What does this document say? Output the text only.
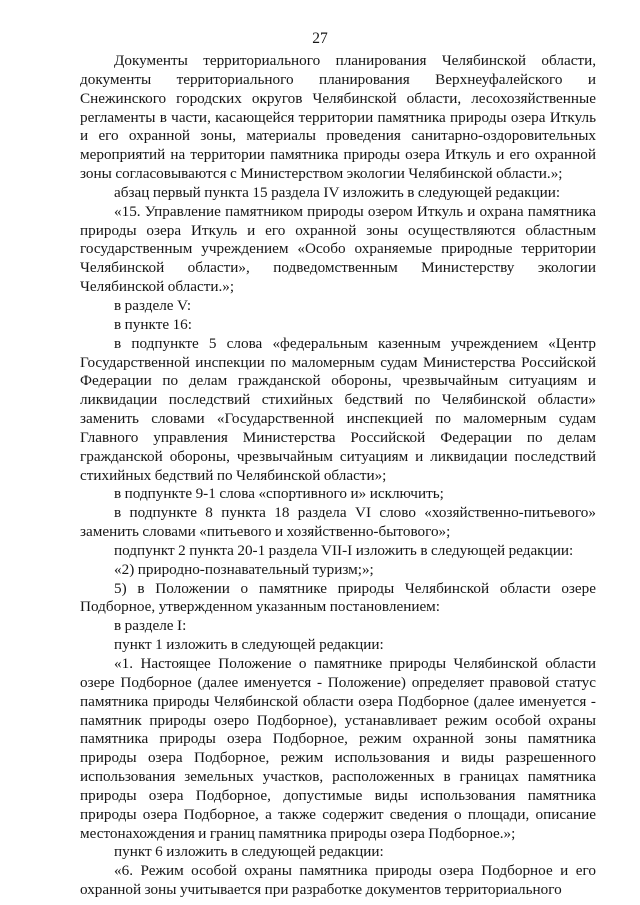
27

Документы территориального планирования Челябинской области, документы территориального планирования Верхнеуфалейского и Снежинского городских округов Челябинской области, лесохозяйственные регламенты в части, касающейся территории памятника природы озера Иткуль и его охранной зоны, материалы проведения санитарно-оздоровительных мероприятий на территории памятника природы озера Иткуль и его охранной зоны согласовываются с Министерством экологии Челябинской области.»;

абзац первый пункта 15 раздела IV изложить в следующей редакции:

«15. Управление памятником природы озером Иткуль и охрана памятника природы озера Иткуль и его охранной зоны осуществляются областным государственным учреждением «Особо охраняемые природные территории Челябинской области», подведомственным Министерству экологии Челябинской области.»;

в разделе V:

в пункте 16:

в подпункте 5 слова «федеральным казенным учреждением «Центр Государственной инспекции по маломерным судам Министерства Российской Федерации по делам гражданской обороны, чрезвычайным ситуациям и ликвидации последствий стихийных бедствий по Челябинской области» заменить словами «Государственной инспекцией по маломерным судам Главного управления Министерства Российской Федерации по делам гражданской обороны, чрезвычайным ситуациям и ликвидации последствий стихийных бедствий по Челябинской области»;

в подпункте 9-1 слова «спортивного и» исключить;

в подпункте 8 пункта 18 раздела VI слово «хозяйственно-питьевого» заменить словами «питьевого и хозяйственно-бытового»;

подпункт 2 пункта 20-1 раздела VII-I изложить в следующей редакции:

«2) природно-познавательный туризм;»;

5) в Положении о памятнике природы Челябинской области озере Подборное, утвержденном указанным постановлением:

в разделе I:

пункт 1 изложить в следующей редакции:

«1. Настоящее Положение о памятнике природы Челябинской области озере Подборное (далее именуется - Положение) определяет правовой статус памятника природы Челябинской области озера Подборное (далее именуется - памятник природы озеро Подборное), устанавливает режим особой охраны памятника природы озера Подборное, режим охранной зоны памятника природы озера Подборное, режим использования и виды разрешенного использования земельных участков, расположенных в границах памятника природы озера Подборное, допустимые виды использования памятника природы озера Подборное, а также содержит сведения о площади, описание местонахождения и границ памятника природы озера Подборное.»;

пункт 6 изложить в следующей редакции:

«6. Режим особой охраны памятника природы озера Подборное и его охранной зоны учитывается при разработке документов территориального
